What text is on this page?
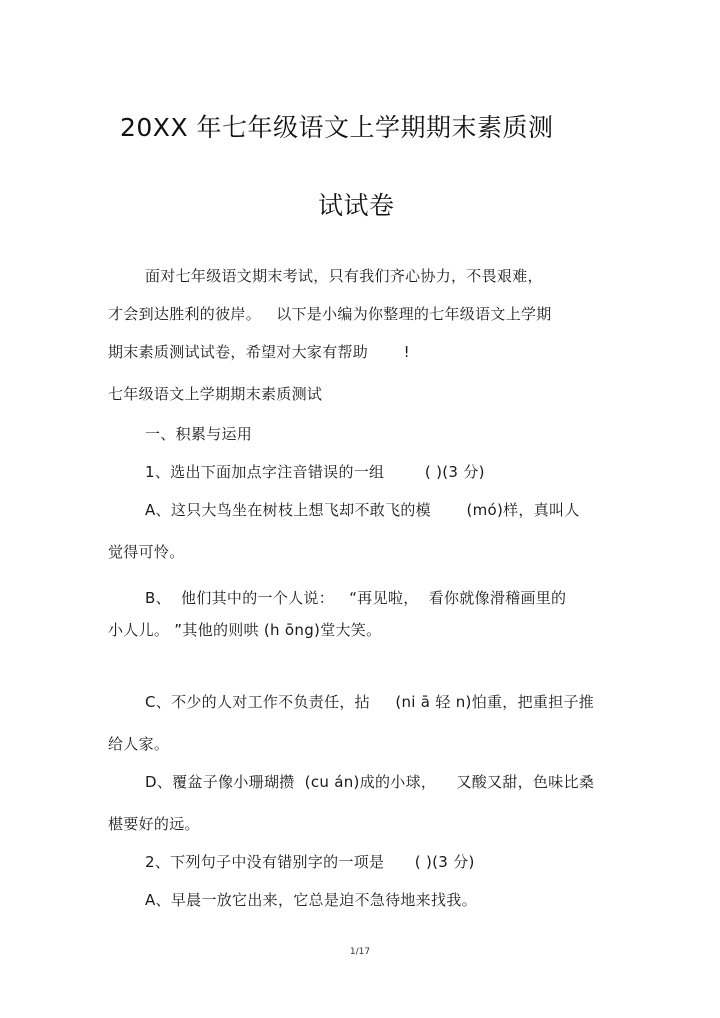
20XX 年七年级语文上学期期末素质测
试试卷
面对七年级语文期末考试，只有我们齐心协力，不畏艰难，
才会到达胜利的彼岸。   以下是小编为你整理的七年级语文上学期
期末素质测试试卷，希望对大家有帮助       !
七年级语文上学期期末素质测试
一、积累与运用
1、选出下面加点字注音错误的一组        ( )(3 分)
A、这只大鸟坐在树枝上想飞却不敢飞的模       (mó)样，真叫人
觉得可怜。
B、  他们其中的一个人说：   “再见啦，  看你就像滑稽画里的
小人儿。 ”其他的则哄 (h ōng)堂大笑。
C、不少的人对工作不负责任，拈     (ni ā 轻 n)怕重，把重担子推
给人家。
D、覆盆子像小珊瑚攒  (cu án)成的小球，    又酸又甜，色味比桑
椹要好的远。
2、下列句子中没有错别字的一项是      ( )(3 分)
A、早晨一放它出来，它总是迫不急待地来找我。
1/17
